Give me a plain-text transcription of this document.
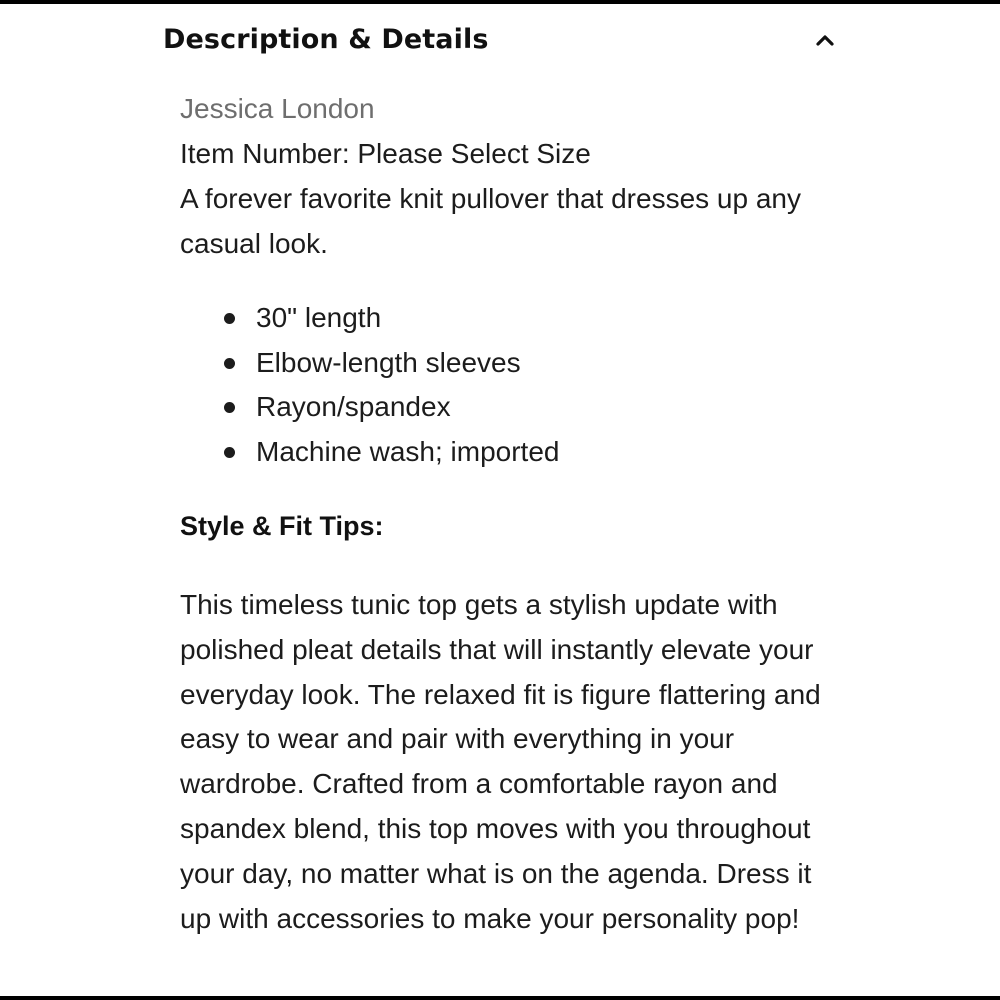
Description & Details
Jessica London
Item Number: Please Select Size

A forever favorite knit pullover that dresses up any casual look.

30" length
Elbow-length sleeves
Rayon/spandex
Machine wash; imported
Style & Fit Tips:
This timeless tunic top gets a stylish update with polished pleat details that will instantly elevate your everyday look. The relaxed fit is figure flattering and easy to wear and pair with everything in your wardrobe. Crafted from a comfortable rayon and spandex blend, this top moves with you throughout your day, no matter what is on the agenda. Dress it up with accessories to make your personality pop!
